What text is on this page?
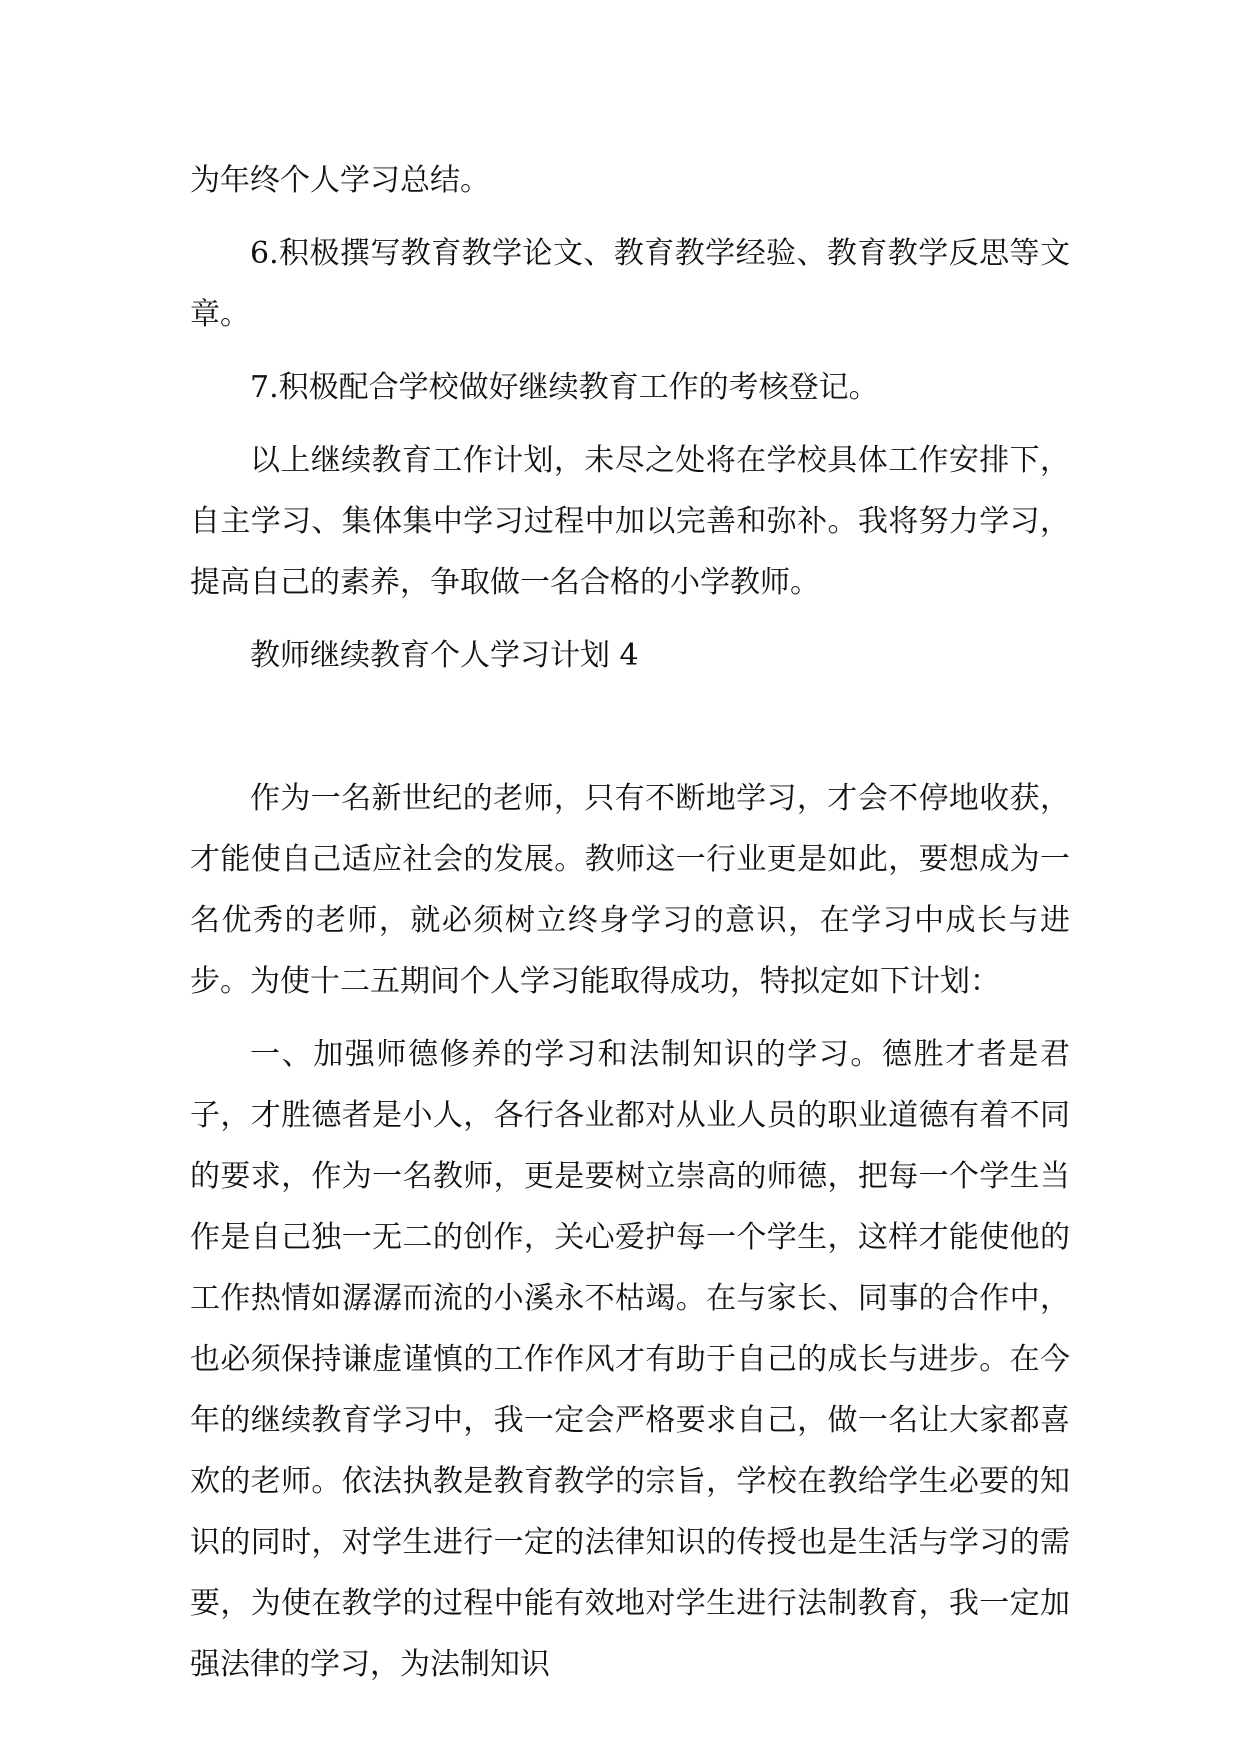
为年终个人学习总结。

6.积极撰写教育教学论文、教育教学经验、教育教学反思等文章。

7.积极配合学校做好继续教育工作的考核登记。

以上继续教育工作计划，未尽之处将在学校具体工作安排下，自主学习、集体集中学习过程中加以完善和弥补。我将努力学习，提高自己的素养，争取做一名合格的小学教师。

教师继续教育个人学习计划 4

作为一名新世纪的老师，只有不断地学习，才会不停地收获，才能使自己适应社会的发展。教师这一行业更是如此，要想成为一名优秀的老师，就必须树立终身学习的意识，在学习中成长与进步。为使十二五期间个人学习能取得成功，特拟定如下计划：

一、加强师德修养的学习和法制知识的学习。德胜才者是君子，才胜德者是小人，各行各业都对从业人员的职业道德有着不同的要求，作为一名教师，更是要树立崇高的师德，把每一个学生当作是自己独一无二的创作，关心爱护每一个学生，这样才能使他的工作热情如潺潺而流的小溪永不枯竭。在与家长、同事的合作中，也必须保持谦虚谨慎的工作作风才有助于自己的成长与进步。在今年的继续教育学习中，我一定会严格要求自己，做一名让大家都喜欢的老师。依法执教是教育教学的宗旨，学校在教给学生必要的知识的同时，对学生进行一定的法律知识的传授也是生活与学习的需要，为使在教学的过程中能有效地对学生进行法制教育，我一定加强法律的学习，为法制知识
